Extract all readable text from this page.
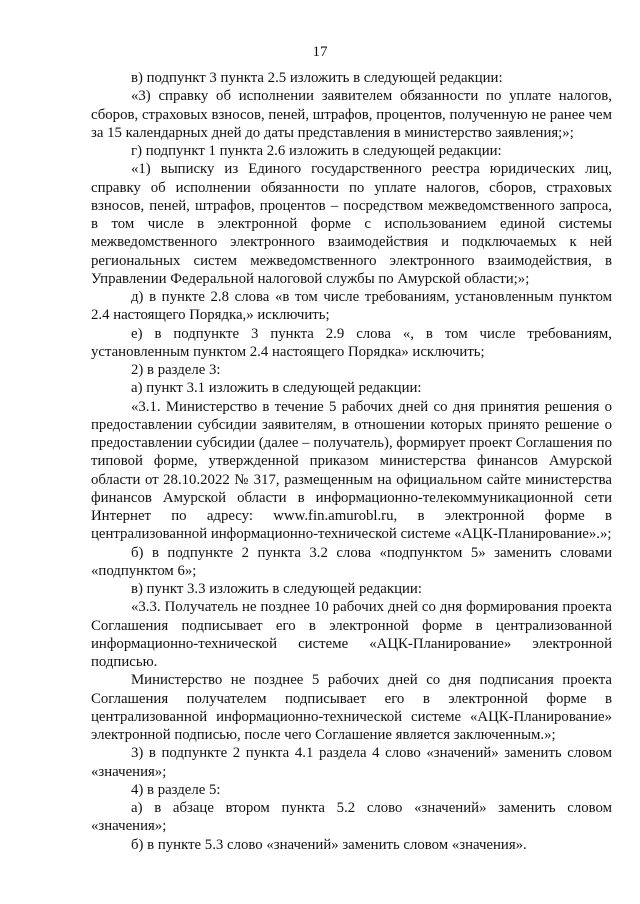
17

в) подпункт 3 пункта 2.5 изложить в следующей редакции:

«3) справку об исполнении заявителем обязанности по уплате налогов, сборов, страховых взносов, пеней, штрафов, процентов, полученную не ранее чем за 15 календарных дней до даты представления в министерство заявления;»;

г) подпункт 1 пункта 2.6 изложить в следующей редакции:

«1) выписку из Единого государственного реестра юридических лиц, справку об исполнении обязанности по уплате налогов, сборов, страховых взносов, пеней, штрафов, процентов – посредством межведомственного запроса, в том числе в электронной форме с использованием единой системы межведомственного электронного взаимодействия и подключаемых к ней региональных систем межведомственного электронного взаимодействия, в Управлении Федеральной налоговой службы по Амурской области;»;

д) в пункте 2.8 слова «в том числе требованиям, установленным пунктом 2.4 настоящего Порядка,» исключить;

е) в подпункте 3 пункта 2.9 слова «, в том числе требованиям, установленным пунктом 2.4 настоящего Порядка» исключить;

2) в разделе 3:

а) пункт 3.1 изложить в следующей редакции:

«3.1. Министерство в течение 5 рабочих дней со дня принятия решения о предоставлении субсидии заявителям, в отношении которых принято решение о предоставлении субсидии (далее – получатель), формирует проект Соглашения по типовой форме, утвержденной приказом министерства финансов Амурской области от 28.10.2022 № 317, размещенным на официальном сайте министерства финансов Амурской области в информационно-телекоммуникационной сети Интернет по адресу: www.fin.amurobl.ru, в электронной форме в централизованной информационно-технической системе «АЦК-Планирование».»;

б) в подпункте 2 пункта 3.2 слова «подпунктом 5» заменить словами «подпунктом 6»;

в) пункт 3.3 изложить в следующей редакции:

«3.3. Получатель не позднее 10 рабочих дней со дня формирования проекта Соглашения подписывает его в электронной форме в централизованной информационно-технической системе «АЦК-Планирование» электронной подписью.

Министерство не позднее 5 рабочих дней со дня подписания проекта Соглашения получателем подписывает его в электронной форме в централизованной информационно-технической системе «АЦК-Планирование» электронной подписью, после чего Соглашение является заключенным.»;

3) в подпункте 2 пункта 4.1 раздела 4 слово «значений» заменить словом «значения»;

4) в разделе 5:

а) в абзаце втором пункта 5.2 слово «значений» заменить словом «значения»;

б) в пункте 5.3 слово «значений» заменить словом «значения».
